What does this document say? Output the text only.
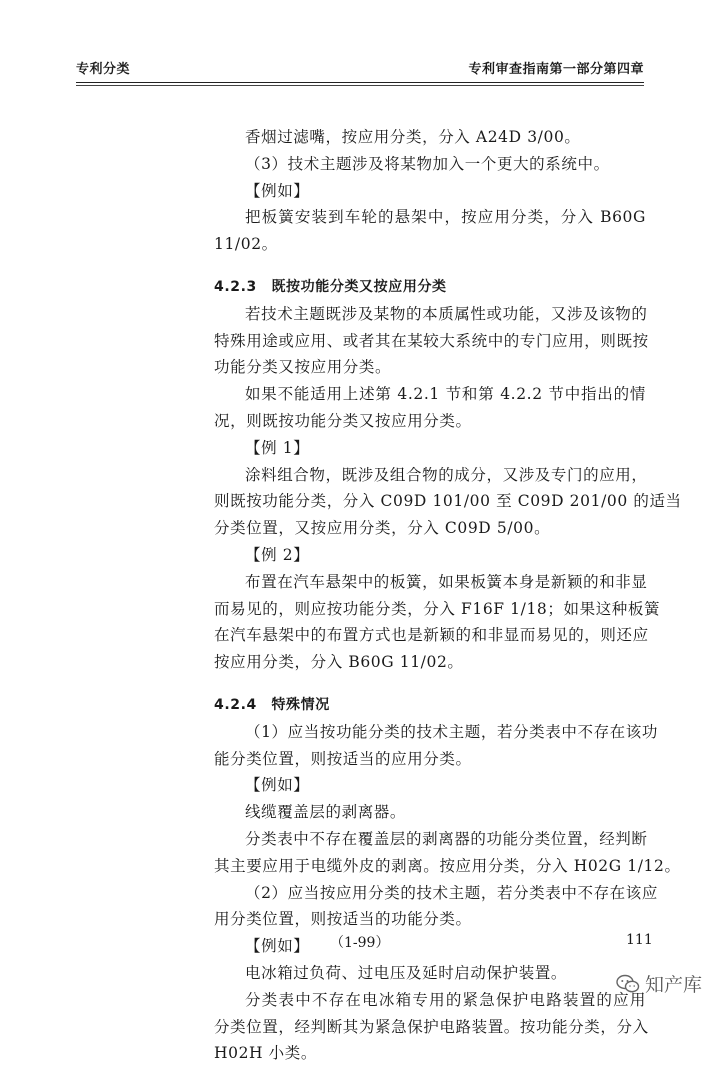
专利分类	专利审查指南第一部分第四章
香烟过滤嘴，按应用分类，分入 A24D 3/00。
（3）技术主题涉及将某物加入一个更大的系统中。
【例如】
把板簧安装到车轮的悬架中，按应用分类，分入 B60G
11/02。
4.2.3　既按功能分类又按应用分类
若技术主题既涉及某物的本质属性或功能，又涉及该物的
特殊用途或应用、或者其在某较大系统中的专门应用，则既按
功能分类又按应用分类。
如果不能适用上述第 4.2.1 节和第 4.2.2 节中指出的情
况，则既按功能分类又按应用分类。
【例 1】
涂料组合物，既涉及组合物的成分，又涉及专门的应用，
则既按功能分类，分入 C09D 101/00 至 C09D 201/00 的适当
分类位置，又按应用分类，分入 C09D 5/00。
【例 2】
布置在汽车悬架中的板簧，如果板簧本身是新颖的和非显
而易见的，则应按功能分类，分入 F16F 1/18；如果这种板簧
在汽车悬架中的布置方式也是新颖的和非显而易见的，则还应
按应用分类，分入 B60G 11/02。
4.2.4　特殊情况
（1）应当按功能分类的技术主题，若分类表中不存在该功
能分类位置，则按适当的应用分类。
【例如】
线缆覆盖层的剥离器。
分类表中不存在覆盖层的剥离器的功能分类位置，经判断
其主要应用于电缆外皮的剥离。按应用分类，分入 H02G 1/12。
（2）应当按应用分类的技术主题，若分类表中不存在该应
用分类位置，则按适当的功能分类。
【例如】
电冰箱过负荷、过电压及延时启动保护装置。
分类表中不存在电冰箱专用的紧急保护电路装置的应用
分类位置，经判断其为紧急保护电路装置。按功能分类，分入
H02H 小类。
（1-99）	111
知产库
